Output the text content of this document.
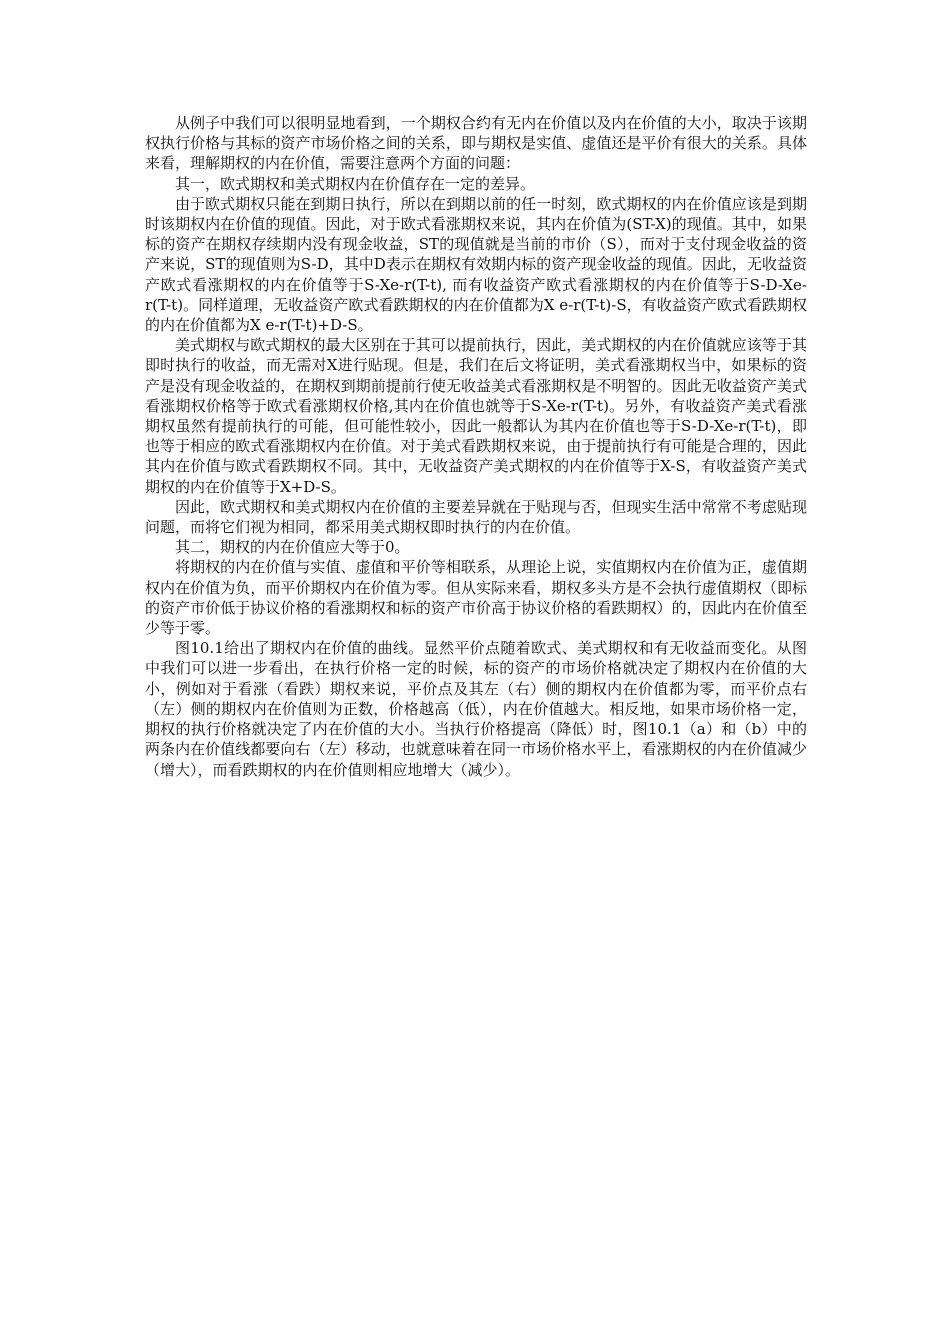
从例子中我们可以很明显地看到，一个期权合约有无内在价值以及内在价值的大小，取决于该期权执行价格与其标的资产市场价格之间的关系，即与期权是实值、虚值还是平价有很大的关系。具体来看，理解期权的内在价值，需要注意两个方面的问题：

其一，欧式期权和美式期权内在价值存在一定的差异。

由于欧式期权只能在到期日执行，所以在到期以前的任一时刻，欧式期权的内在价值应该是到期时该期权内在价值的现值。因此，对于欧式看涨期权来说，其内在价值为(ST-X)的现值。其中，如果标的资产在期权存续期内没有现金收益，ST的现值就是当前的市价（S），而对于支付现金收益的资产来说，ST的现值则为S-D，其中D表示在期权有效期内标的资产现金收益的现值。因此，无收益资产欧式看涨期权的内在价值等于S-Xe-r(T-t), 而有收益资产欧式看涨期权的内在价值等于S-D-Xe-r(T-t)。同样道理，无收益资产欧式看跌期权的内在价值都为X e-r(T-t)-S，有收益资产欧式看跌期权的内在价值都为X e-r(T-t)+D-S。

美式期权与欧式期权的最大区别在于其可以提前执行，因此，美式期权的内在价值就应该等于其即时执行的收益，而无需对X进行贴现。但是，我们在后文将证明，美式看涨期权当中，如果标的资产是没有现金收益的，在期权到期前提前行使无收益美式看涨期权是不明智的。因此无收益资产美式看涨期权价格等于欧式看涨期权价格,其内在价值也就等于S-Xe-r(T-t)。另外，有收益资产美式看涨期权虽然有提前执行的可能，但可能性较小，因此一般都认为其内在价值也等于S-D-Xe-r(T-t)，即也等于相应的欧式看涨期权内在价值。对于美式看跌期权来说，由于提前执行有可能是合理的，因此其内在价值与欧式看跌期权不同。其中，无收益资产美式期权的内在价值等于X-S，有收益资产美式期权的内在价值等于X+D-S。

因此，欧式期权和美式期权内在价值的主要差异就在于贴现与否，但现实生活中常常不考虑贴现问题，而将它们视为相同，都采用美式期权即时执行的内在价值。

其二，期权的内在价值应大等于0。

将期权的内在价值与实值、虚值和平价等相联系，从理论上说，实值期权内在价值为正，虚值期权内在价值为负，而平价期权内在价值为零。但从实际来看，期权多头方是不会执行虚值期权（即标的资产市价低于协议价格的看涨期权和标的资产市价高于协议价格的看跌期权）的，因此内在价值至少等于零。

图10.1给出了期权内在价值的曲线。显然平价点随着欧式、美式期权和有无收益而变化。从图中我们可以进一步看出，在执行价格一定的时候，标的资产的市场价格就决定了期权内在价值的大小，例如对于看涨（看跌）期权来说，平价点及其左（右）侧的期权内在价值都为零，而平价点右（左）侧的期权内在价值则为正数，价格越高（低），内在价值越大。相反地，如果市场价格一定，期权的执行价格就决定了内在价值的大小。当执行价格提高（降低）时，图10.1（a）和（b）中的两条内在价值线都要向右（左）移动，也就意味着在同一市场价格水平上，看涨期权的内在价值减少（增大），而看跌期权的内在价值则相应地增大（减少）。
